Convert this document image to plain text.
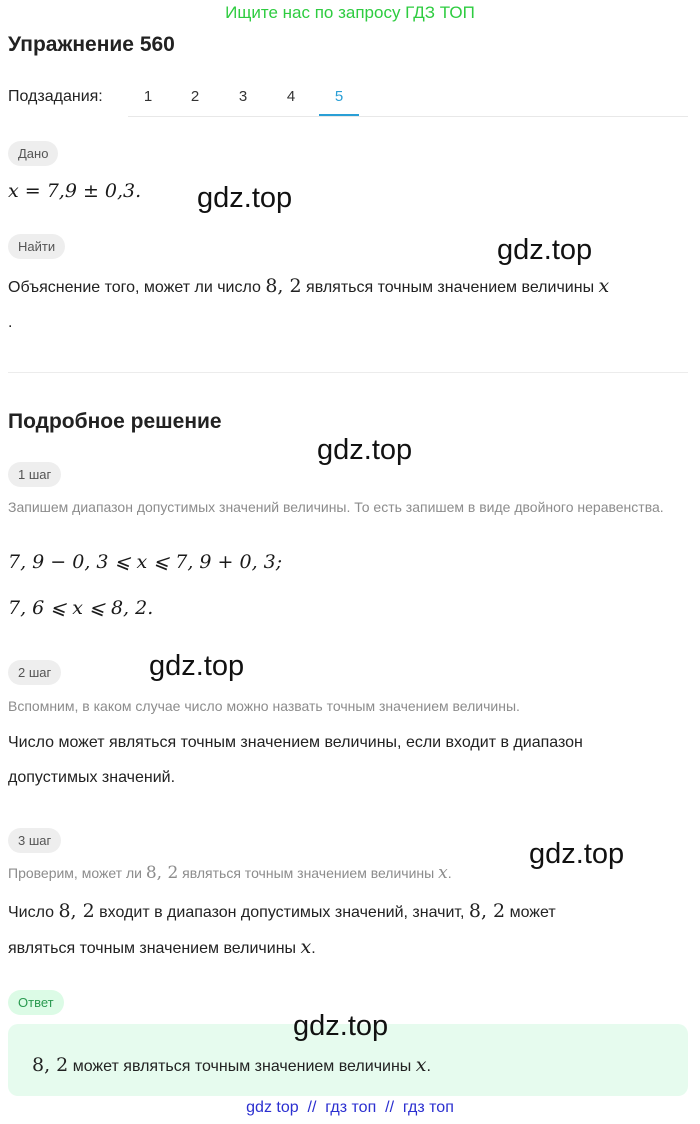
Ищите нас по запросу ГДЗ ТОП
Упражнение 560
Подзадания:	1	2	3	4	5
Дано
x = 7,9 ± 0,3.
Найти
Объяснение того, может ли число 8, 2 являться точным значением величины x
.
Подробное решение
1 шаг
Запишем диапазон допустимых значений величины. То есть запишем в виде двойного неравенства.
7, 9 − 0, 3 ⩽ x ⩽ 7, 9 + 0, 3;
7, 6 ⩽ x ⩽ 8, 2.
2 шаг
Вспомним, в каком случае число можно назвать точным значением величины.
Число может являться точным значением величины, если входит в диапазон
допустимых значений.
3 шаг
Проверим, может ли 8, 2 являться точным значением величины x.
Число 8, 2 входит в диапазон допустимых значений, значит, 8, 2 может
являться точным значением величины x.
Ответ
8, 2 может являться точным значением величины x.
gdz.top
gdz.top
gdz.top
gdz.top
gdz.top
gdz.top
gdz top  //  гдз топ  //  гдз топ
